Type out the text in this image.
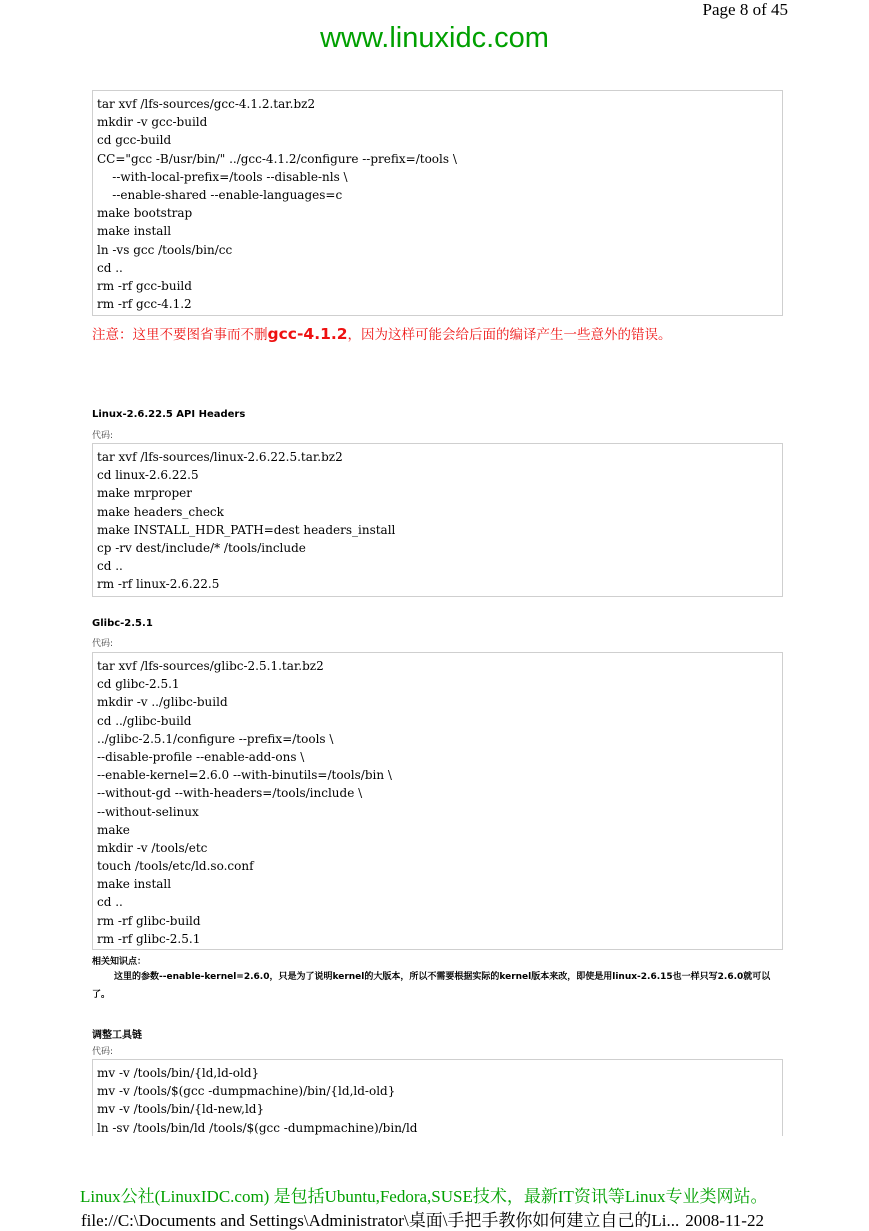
Page 8 of 45
www.linuxidc.com
tar xvf /lfs-sources/gcc-4.1.2.tar.bz2
mkdir -v gcc-build
cd gcc-build
CC="gcc -B/usr/bin/" ../gcc-4.1.2/configure --prefix=/tools \
--with-local-prefix=/tools --disable-nls \
--enable-shared --enable-languages=c
make bootstrap
make install
ln -vs gcc /tools/bin/cc
cd ..
rm -rf gcc-build
rm -rf gcc-4.1.2
注意：这里不要图省事而不删gcc-4.1.2，因为这样可能会给后面的编译产生一些意外的错误。
Linux-2.6.22.5 API Headers
代码:
tar xvf /lfs-sources/linux-2.6.22.5.tar.bz2
cd linux-2.6.22.5
make mrproper
make headers_check
make INSTALL_HDR_PATH=dest headers_install
cp -rv dest/include/* /tools/include
cd ..
rm -rf linux-2.6.22.5
Glibc-2.5.1
代码:
tar xvf /lfs-sources/glibc-2.5.1.tar.bz2
cd glibc-2.5.1
mkdir -v ../glibc-build
cd ../glibc-build
../glibc-2.5.1/configure --prefix=/tools \
--disable-profile --enable-add-ons \
--enable-kernel=2.6.0 --with-binutils=/tools/bin \
--without-gd --with-headers=/tools/include \
--without-selinux
make
mkdir -v /tools/etc
touch /tools/etc/ld.so.conf
make install
cd ..
rm -rf glibc-build
rm -rf glibc-2.5.1
相关知识点：
这里的参数--enable-kernel=2.6.0，只是为了说明kernel的大版本，所以不需要根据实际的kernel版本来改，即使是用linux-2.6.15也一样只写2.6.0就可以了。
调整工具链
代码:
mv -v /tools/bin/{ld,ld-old}
mv -v /tools/$(gcc -dumpmachine)/bin/{ld,ld-old}
mv -v /tools/bin/{ld-new,ld}
ln -sv /tools/bin/ld /tools/$(gcc -dumpmachine)/bin/ld
Linux公社(LinuxIDC.com) 是包括Ubuntu,Fedora,SUSE技术，最新IT资讯等Linux专业类网站。
file://C:\Documents and Settings\Administrator\桌面\手把手教你如何建立自己的Li... 2008-11-22
